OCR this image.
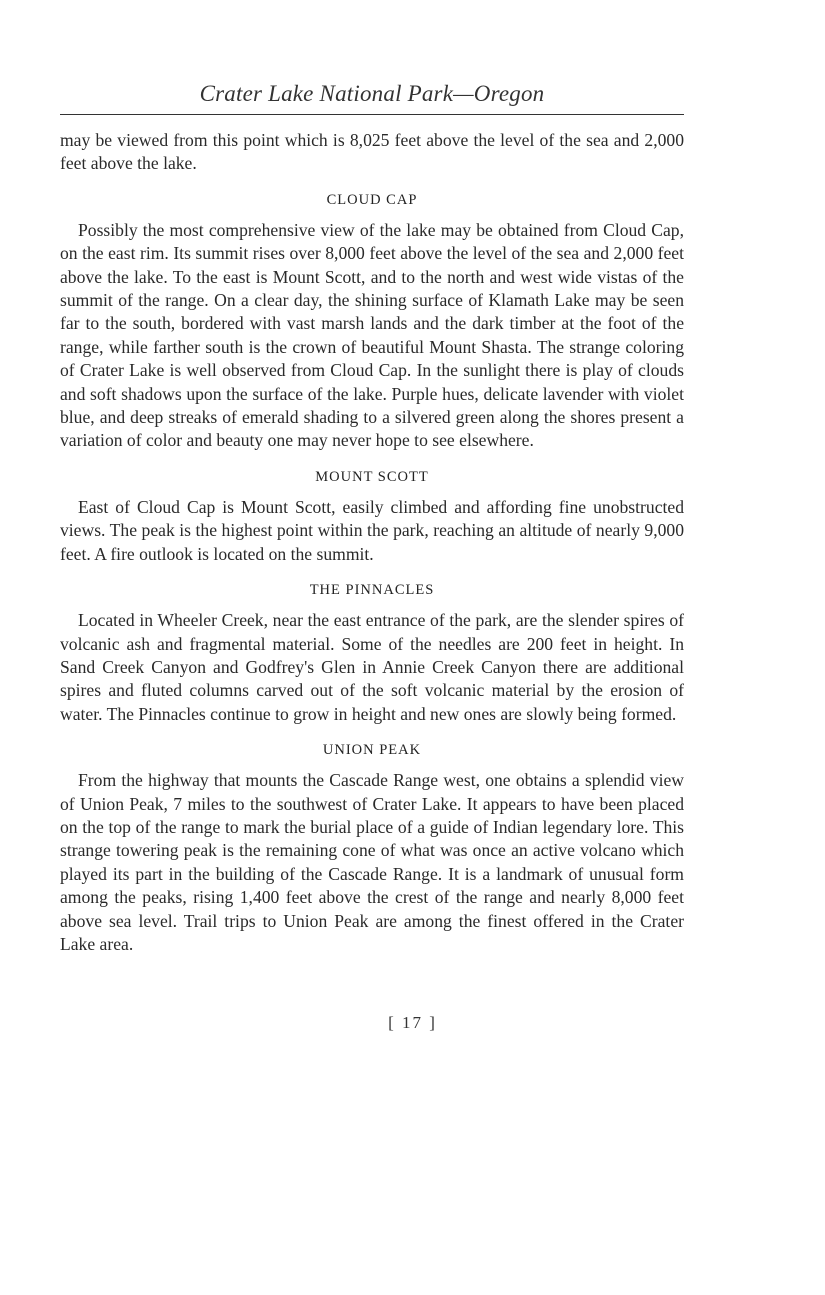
Crater Lake National Park—Oregon

may be viewed from this point which is 8,025 feet above the level of the sea and 2,000 feet above the lake.

CLOUD CAP

Possibly the most comprehensive view of the lake may be obtained from Cloud Cap, on the east rim. Its summit rises over 8,000 feet above the level of the sea and 2,000 feet above the lake. To the east is Mount Scott, and to the north and west wide vistas of the summit of the range. On a clear day, the shining surface of Klamath Lake may be seen far to the south, bordered with vast marsh lands and the dark timber at the foot of the range, while farther south is the crown of beautiful Mount Shasta. The strange coloring of Crater Lake is well observed from Cloud Cap. In the sunlight there is play of clouds and soft shadows upon the surface of the lake. Purple hues, delicate lavender with violet blue, and deep streaks of emerald shading to a silvered green along the shores present a variation of color and beauty one may never hope to see elsewhere.

MOUNT SCOTT

East of Cloud Cap is Mount Scott, easily climbed and affording fine unobstructed views. The peak is the highest point within the park, reaching an altitude of nearly 9,000 feet. A fire outlook is located on the summit.

THE PINNACLES

Located in Wheeler Creek, near the east entrance of the park, are the slender spires of volcanic ash and fragmental material. Some of the needles are 200 feet in height. In Sand Creek Canyon and Godfrey's Glen in Annie Creek Canyon there are additional spires and fluted columns carved out of the soft volcanic material by the erosion of water. The Pinnacles continue to grow in height and new ones are slowly being formed.

UNION PEAK

From the highway that mounts the Cascade Range west, one obtains a splendid view of Union Peak, 7 miles to the southwest of Crater Lake. It appears to have been placed on the top of the range to mark the burial place of a guide of Indian legendary lore. This strange towering peak is the remaining cone of what was once an active volcano which played its part in the building of the Cascade Range. It is a landmark of unusual form among the peaks, rising 1,400 feet above the crest of the range and nearly 8,000 feet above sea level. Trail trips to Union Peak are among the finest offered in the Crater Lake area.

[ 17 ]
